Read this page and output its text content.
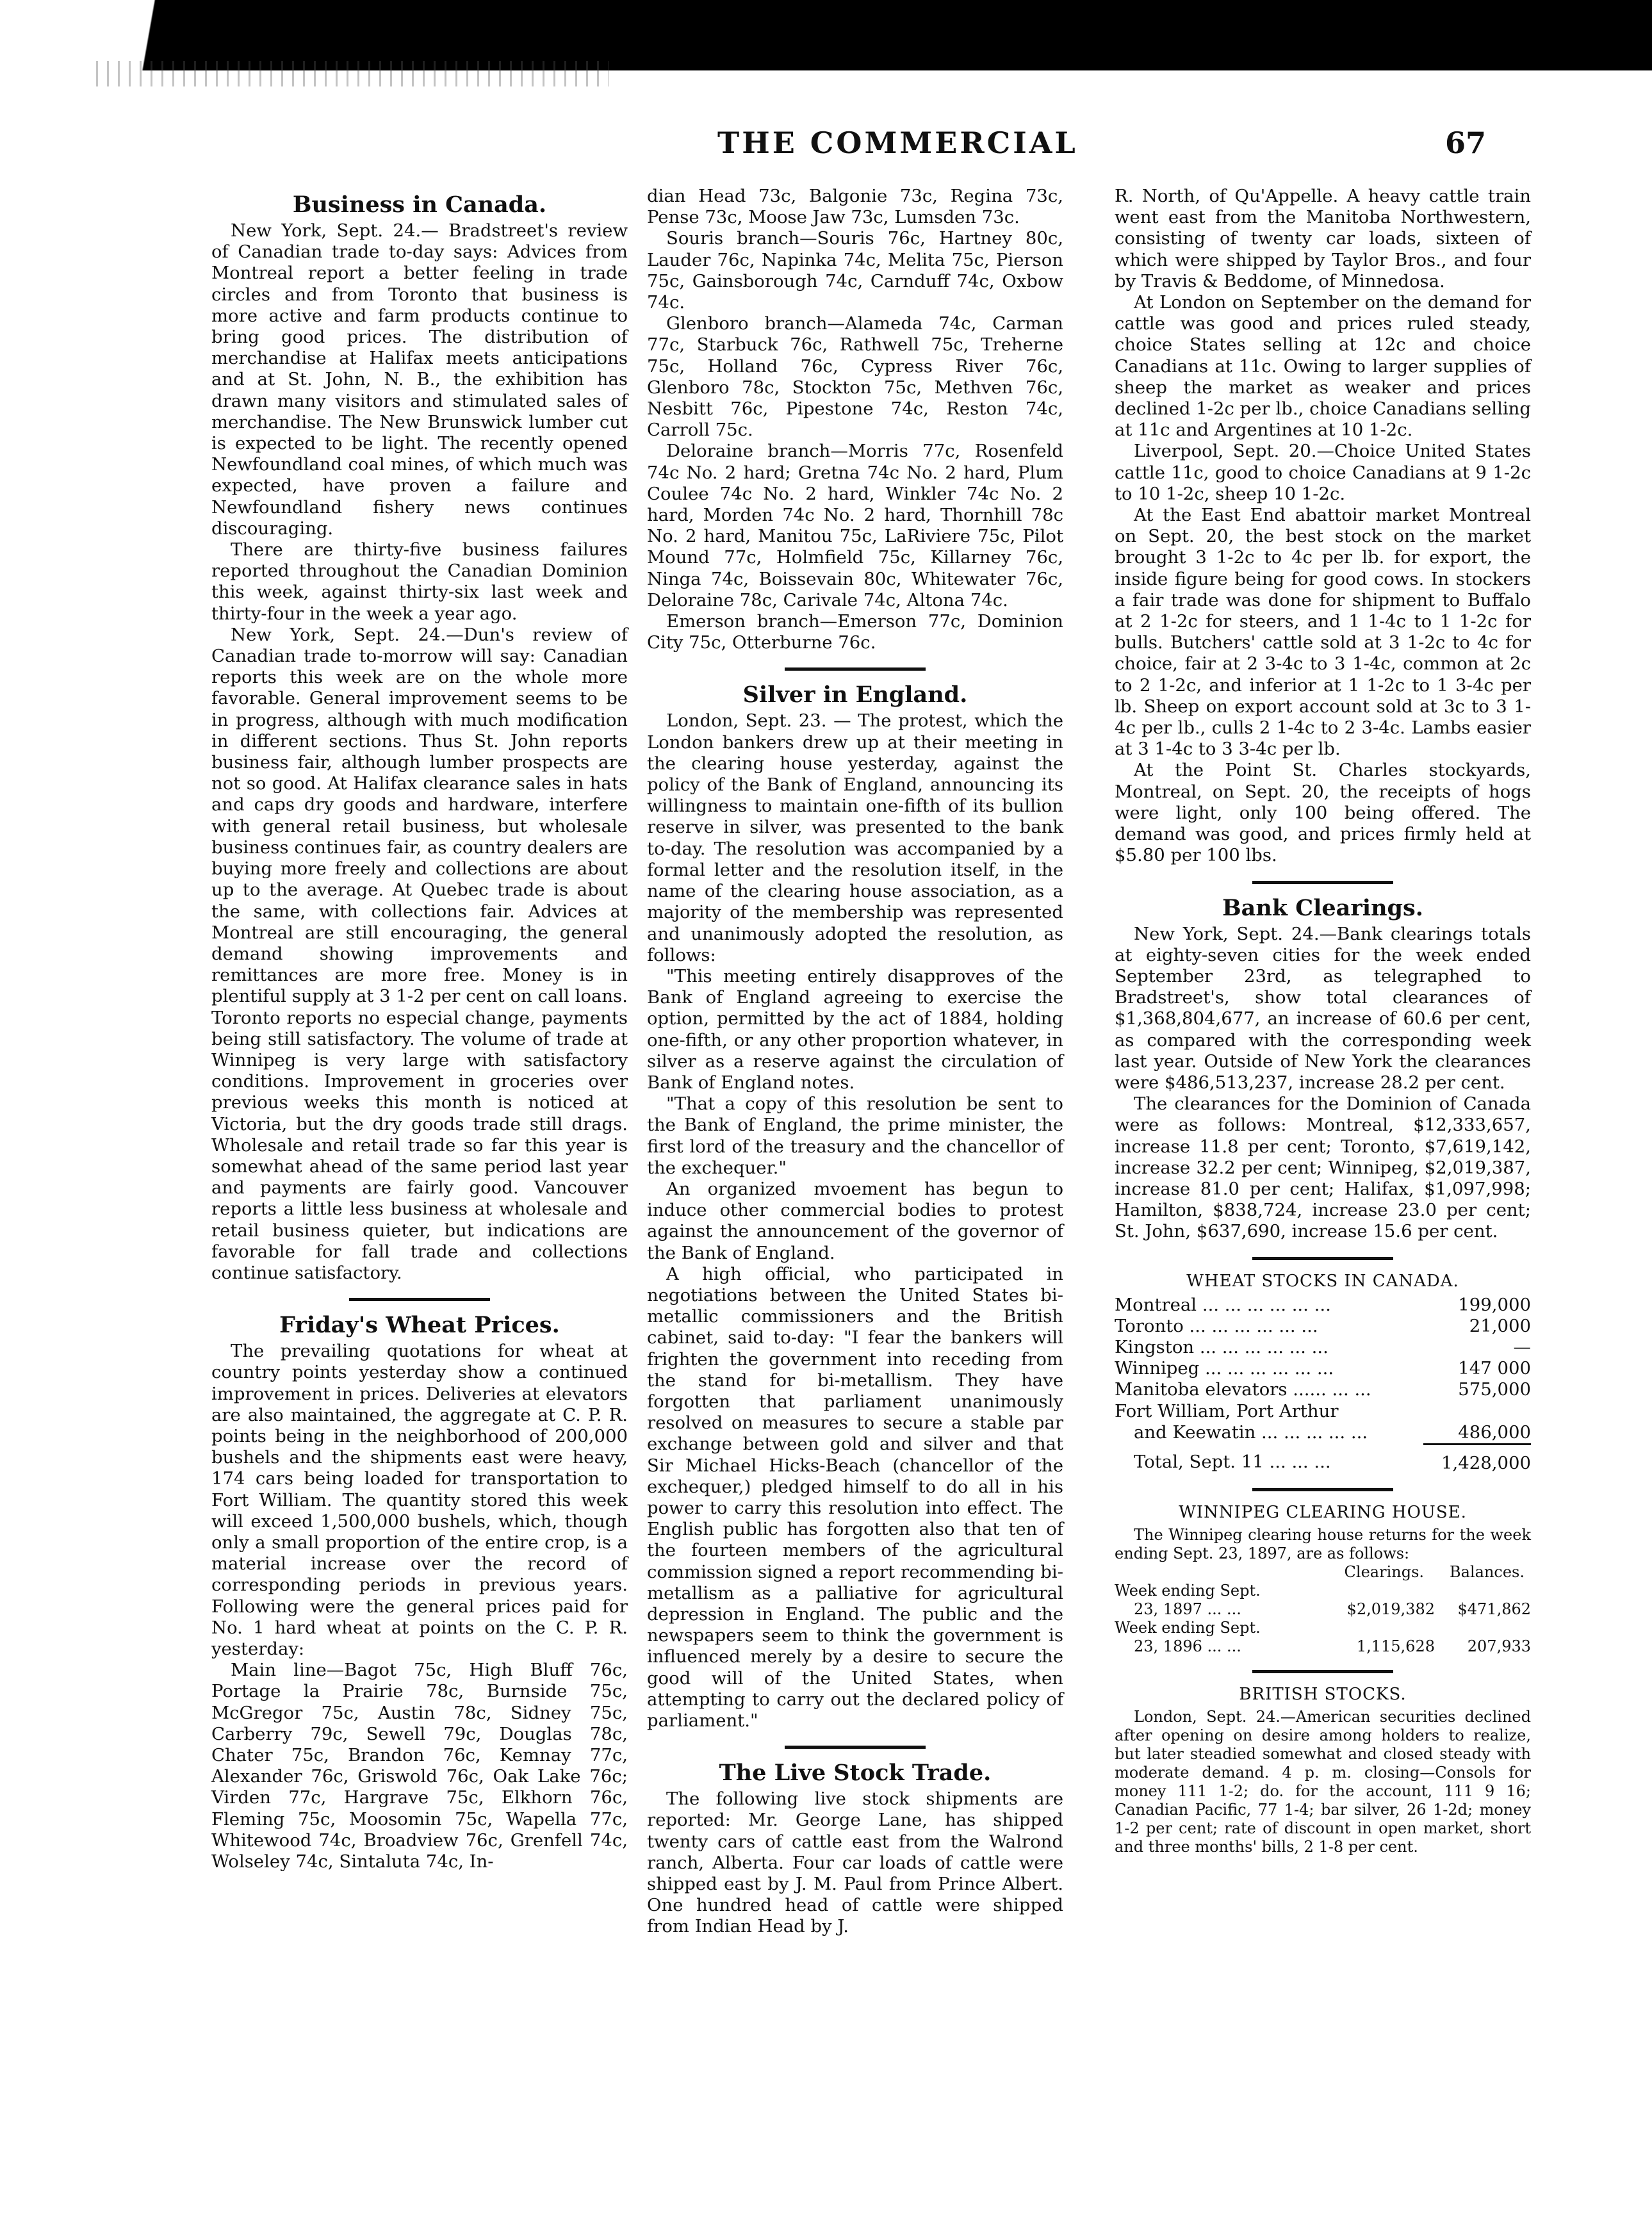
THE COMMERCIAL	67
Business in Canada.

New York, Sept. 24.— Bradstreet's review of Canadian trade to-day says: Advices from Montreal report a better feeling in trade circles and from Toronto that business is more active and farm products continue to bring good prices. The distribution of merchandise at Halifax meets anticipations and at St. John, N. B., the exhibition has drawn many visitors and stimulated sales of merchandise. The New Brunswick lumber cut is expected to be light. The recently opened Newfoundland coal mines, of which much was expected, have proven a failure and Newfoundland fishery news continues discouraging.

There are thirty-five business failures reported throughout the Canadian Dominion this week, against thirty-six last week and thirty-four in the week a year ago.

New York, Sept. 24.—Dun's review of Canadian trade to-morrow will say: Canadian reports this week are on the whole more favorable. General improvement seems to be in progress, although with much modification in different sections. Thus St. John reports business fair, although lumber prospects are not so good. At Halifax clearance sales in hats and caps dry goods and hardware, interfere with general retail business, but wholesale business continues fair, as country dealers are buying more freely and collections are about up to the average. At Quebec trade is about the same, with collections fair. Advices at Montreal are still encouraging, the general demand showing improvements and remittances are more free. Money is in plentiful supply at 3 1-2 per cent on call loans. Toronto reports no especial change, payments being still satisfactory. The volume of trade at Winnipeg is very large with satisfactory conditions. Improvement in groceries over previous weeks this month is noticed at Victoria, but the dry goods trade still drags. Wholesale and retail trade so far this year is somewhat ahead of the same period last year and payments are fairly good. Vancouver reports a little less business at wholesale and retail business quieter, but indications are favorable for fall trade and collections continue satisfactory.

Friday's Wheat Prices.

The prevailing quotations for wheat at country points yesterday show a continued improvement in prices. Deliveries at elevators are also maintained, the aggregate at C. P. R. points being in the neighborhood of 200,000 bushels and the shipments east were heavy, 174 cars being loaded for transportation to Fort William. The quantity stored this week will exceed 1,500,000 bushels, which, though only a small proportion of the entire crop, is a material increase over the record of corresponding periods in previous years. Following were the general prices paid for No. 1 hard wheat at points on the C. P. R. yesterday:

Main line—Bagot 75c, High Bluff 76c, Portage la Prairie 78c, Burnside 75c, McGregor 75c, Austin 78c, Sidney 75c, Carberry 79c, Sewell 79c, Douglas 78c, Chater 75c, Brandon 76c, Kemnay 77c, Alexander 76c, Griswold 76c, Oak Lake 76c; Virden 77c, Hargrave 75c, Elkhorn 76c, Fleming 75c, Moosomin 75c, Wapella 77c, Whitewood 74c, Broadview 76c, Grenfell 74c, Wolseley 74c, Sintaluta 74c, In-

dian Head 73c, Balgonie 73c, Regina 73c, Pense 73c, Moose Jaw 73c, Lumsden 73c.

Souris branch—Souris 76c, Hartney 80c, Lauder 76c, Napinka 74c, Melita 75c, Pierson 75c, Gainsborough 74c, Carnduff 74c, Oxbow 74c.

Glenboro branch—Alameda 74c, Carman 77c, Starbuck 76c, Rathwell 75c, Treherne 75c, Holland 76c, Cypress River 76c, Glenboro 78c, Stockton 75c, Methven 76c, Nesbitt 76c, Pipestone 74c, Reston 74c, Carroll 75c.

Deloraine branch—Morris 77c, Rosenfeld 74c No. 2 hard; Gretna 74c No. 2 hard, Plum Coulee 74c No. 2 hard, Winkler 74c No. 2 hard, Morden 74c No. 2 hard, Thornhill 78c No. 2 hard, Manitou 75c, LaRiviere 75c, Pilot Mound 77c, Holmfield 75c, Killarney 76c, Ninga 74c, Boissevain 80c, Whitewater 76c, Deloraine 78c, Carivale 74c, Altona 74c.

Emerson branch—Emerson 77c, Dominion City 75c, Otterburne 76c.

Silver in England.

London, Sept. 23. — The protest, which the London bankers drew up at their meeting in the clearing house yesterday, against the policy of the Bank of England, announcing its willingness to maintain one-fifth of its bullion reserve in silver, was presented to the bank to-day. The resolution was accompanied by a formal letter and the resolution itself, in the name of the clearing house association, as a majority of the membership was represented and unanimously adopted the resolution, as follows:

"This meeting entirely disapproves of the Bank of England agreeing to exercise the option, permitted by the act of 1884, holding one-fifth, or any other proportion whatever, in silver as a reserve against the circulation of Bank of England notes.

"That a copy of this resolution be sent to the Bank of England, the prime minister, the first lord of the treasury and the chancellor of the exchequer."

An organized mvoement has begun to induce other commercial bodies to protest against the announcement of the governor of the Bank of England.

A high official, who participated in negotiations between the United States bi-metallic commissioners and the British cabinet, said to-day: "I fear the bankers will frighten the government into receding from the stand for bi-metallism. They have forgotten that parliament unanimously resolved on measures to secure a stable par exchange between gold and silver and that Sir Michael Hicks-Beach (chancellor of the exchequer,) pledged himself to do all in his power to carry this resolution into effect. The English public has forgotten also that ten of the fourteen members of the agricultural commission signed a report recommending bi-metallism as a palliative for agricultural depression in England. The public and the newspapers seem to think the government is influenced merely by a desire to secure the good will of the United States, when attempting to carry out the declared policy of parliament."

The Live Stock Trade.

The following live stock shipments are reported: Mr. George Lane, has shipped twenty cars of cattle east from the Walrond ranch, Alberta. Four car loads of cattle were shipped east by J. M. Paul from Prince Albert. One hundred head of cattle were shipped from Indian Head by J.

R. North, of Qu'Appelle. A heavy cattle train went east from the Manitoba Northwestern, consisting of twenty car loads, sixteen of which were shipped by Taylor Bros., and four by Travis & Beddome, of Minnedosa.

At London on September on the demand for cattle was good and prices ruled steady, choice States selling at 12c and choice Canadians at 11c. Owing to larger supplies of sheep the market as weaker and prices declined 1-2c per lb., choice Canadians selling at 11c and Argentines at 10 1-2c.

Liverpool, Sept. 20.—Choice United States cattle 11c, good to choice Canadians at 9 1-2c to 10 1-2c, sheep 10 1-2c.

At the East End abattoir market Montreal on Sept. 20, the best stock on the market brought 3 1-2c to 4c per lb. for export, the inside figure being for good cows. In stockers a fair trade was done for shipment to Buffalo at 2 1-2c for steers, and 1 1-4c to 1 1-2c for bulls. Butchers' cattle sold at 3 1-2c to 4c for choice, fair at 2 3-4c to 3 1-4c, common at 2c to 2 1-2c, and inferior at 1 1-2c to 1 3-4c per lb. Sheep on export account sold at 3c to 3 1-4c per lb., culls 2 1-4c to 2 3-4c. Lambs easier at 3 1-4c to 3 3-4c per lb.

At the Point St. Charles stockyards, Montreal, on Sept. 20, the receipts of hogs were light, only 100 being offered. The demand was good, and prices firmly held at $5.80 per 100 lbs.

Bank Clearings.

New York, Sept. 24.—Bank clearings totals at eighty-seven cities for the week ended September 23rd, as telegraphed to Bradstreet's, show total clearances of $1,368,804,677, an increase of 60.6 per cent, as compared with the corresponding week last year. Outside of New York the clearances were $486,513,237, increase 28.2 per cent.

The clearances for the Dominion of Canada were as follows: Montreal, $12,333,657, increase 11.8 per cent; Toronto, $7,619,142, increase 32.2 per cent; Winnipeg, $2,019,387, increase 81.0 per cent; Halifax, $1,097,998; Hamilton, $838,724, increase 23.0 per cent; St. John, $637,690, increase 15.6 per cent.

WHEAT STOCKS IN CANADA.
Montreal ... ... ... ... ... ...	199,000
Toronto ... ... ... ... ... ...	21,000
Kingston ... ... ... ... ... ...	—
Winnipeg ... ... ... ... ... ...	147 000
Manitoba elevators ...... ... ...	575,000
Fort William, Port Arthur	
and Keewatin ... ... ... ... ...	486,000
Total, Sept. 11 ... ... ...	1,428,000
WINNIPEG CLEARING HOUSE.

The Winnipeg clearing house returns for the week ending Sept. 23, 1897, are as follows:

Clearings. Balances.
Week ending Sept.
23, 1897 ... ...	$2,019,382	$471,862
Week ending Sept.
23, 1896 ... ...	1,115,628	207,933
BRITISH STOCKS.

London, Sept. 24.—American securities declined after opening on desire among holders to realize, but later steadied somewhat and closed steady with moderate demand. 4 p. m. closing—Consols for money 111 1-2; do. for the account, 111 9 16; Canadian Pacific, 77 1-4; bar silver, 26 1-2d; money 1-2 per cent; rate of discount in open market, short and three months' bills, 2 1-8 per cent.
